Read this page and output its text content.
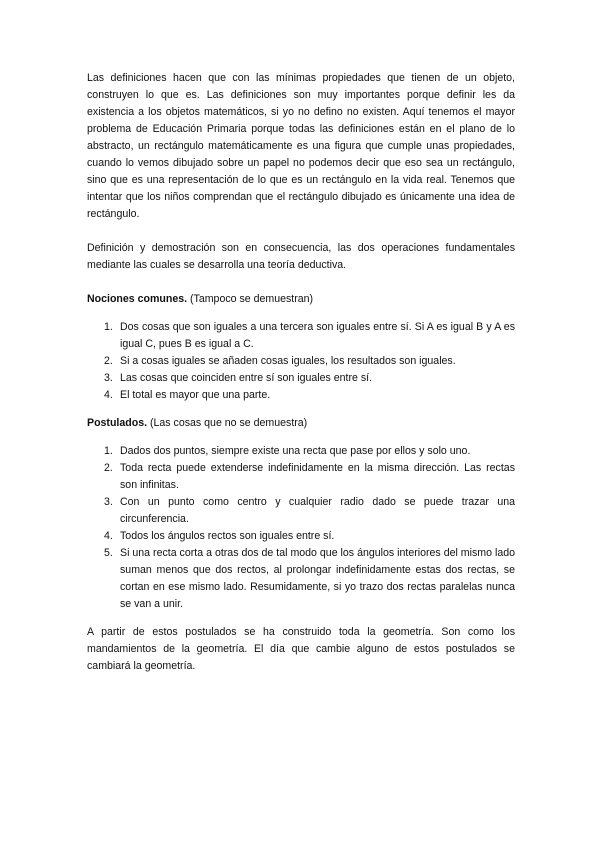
Las definiciones hacen que con las mínimas propiedades que tienen de un objeto, construyen lo que es. Las definiciones son muy importantes porque definir les da existencia a los objetos matemáticos, si yo no defino no existen. Aquí tenemos el mayor problema de Educación Primaria porque todas las definiciones están en el plano de lo abstracto, un rectángulo matemáticamente es una figura que cumple unas propiedades, cuando lo vemos dibujado sobre un papel no podemos decir que eso sea un rectángulo, sino que es una representación de lo que es un rectángulo en la vida real. Tenemos que intentar que los niños comprendan que el rectángulo dibujado es únicamente una idea de rectángulo.

Definición y demostración son en consecuencia, las dos operaciones fundamentales mediante las cuales se desarrolla una teoría deductiva.

Nociones comunes. (Tampoco se demuestran)

1. Dos cosas que son iguales a una tercera son iguales entre sí. Si A es igual B y A es igual C, pues B es igual a C.
2. Si a cosas iguales se añaden cosas iguales, los resultados son iguales.
3. Las cosas que coinciden entre sí son iguales entre sí.
4. El total es mayor que una parte.

Postulados. (Las cosas que no se demuestra)

1. Dados dos puntos, siempre existe una recta que pase por ellos y solo uno.
2. Toda recta puede extenderse indefinidamente en la misma dirección. Las rectas son infinitas.
3. Con un punto como centro y cualquier radio dado se puede trazar una circunferencia.
4. Todos los ángulos rectos son iguales entre sí.
5. Si una recta corta a otras dos de tal modo que los ángulos interiores del mismo lado suman menos que dos rectos, al prolongar indefinidamente estas dos rectas, se cortan en ese mismo lado. Resumidamente, si yo trazo dos rectas paralelas nunca se van a unir.

A partir de estos postulados se ha construido toda la geometría. Son como los mandamientos de la geometría. El día que cambie alguno de estos postulados se cambiará la geometría.
